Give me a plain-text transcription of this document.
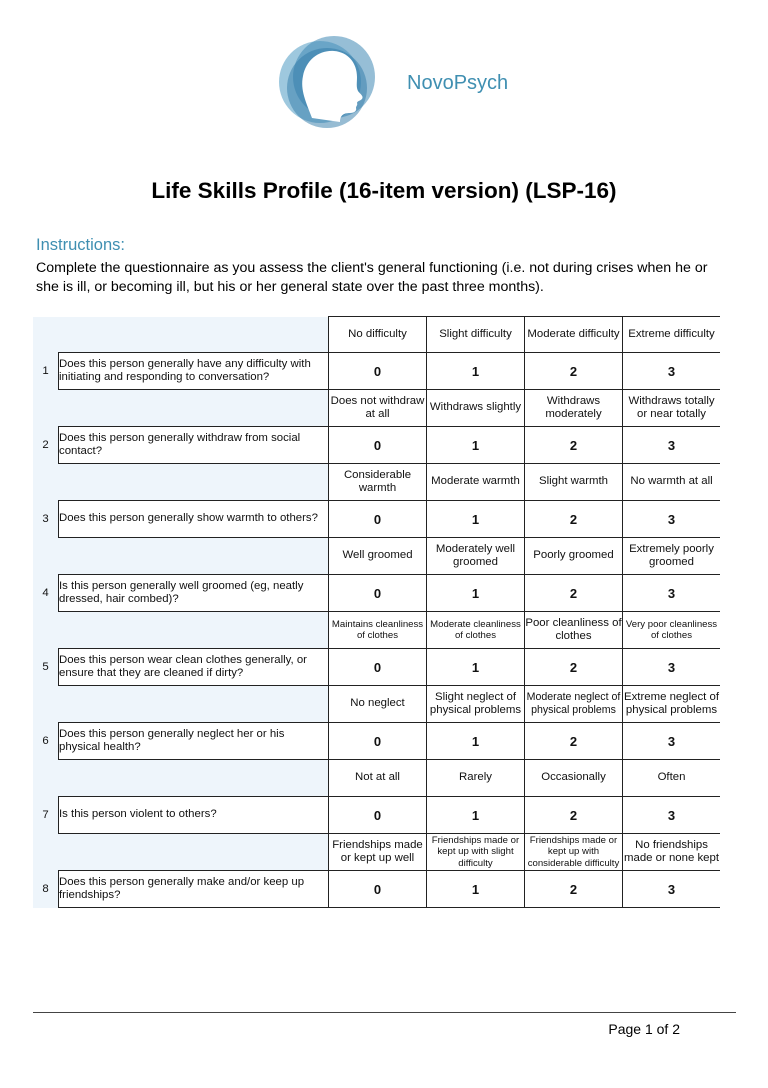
NovoPsych
Life Skills Profile (16-item version) (LSP-16)
Instructions:
Complete the questionnaire as you assess the client's general functioning (i.e. not during crises when he or she is ill, or becoming ill, but his or her general state over the past three months).
		No difficulty	Slight difficulty	Moderate difficulty	Extreme difficulty
1	Does this person generally have any difficulty with initiating and responding to conversation?	0	1	2	3
		Does not withdraw at all	Withdraws slightly	Withdraws moderately	Withdraws totally or near totally
2	Does this person generally withdraw from social contact?	0	1	2	3
		Considerable warmth	Moderate warmth	Slight warmth	No warmth at all
3	Does this person generally show warmth to others?	0	1	2	3
		Well groomed	Moderately well groomed	Poorly groomed	Extremely poorly groomed
4	Is this person generally well groomed (eg, neatly dressed, hair combed)?	0	1	2	3
		Maintains cleanliness of clothes	Moderate cleanliness of clothes	Poor cleanliness of clothes	Very poor cleanliness of clothes
5	Does this person wear clean clothes generally, or ensure that they are cleaned if dirty?	0	1	2	3
		No neglect	Slight neglect of physical problems	Moderate neglect of physical problems	Extreme neglect of physical problems
6	Does this person generally neglect her or his physical health?	0	1	2	3
		Not at all	Rarely	Occasionally	Often
7	Is this person violent to others?	0	1	2	3
		Friendships made or kept up well	Friendships made or kept up with slight difficulty	Friendships made or kept up with considerable difficulty	No friendships made or none kept
8	Does this person generally make and/or keep up friendships?	0	1	2	3
Page 1 of 2
